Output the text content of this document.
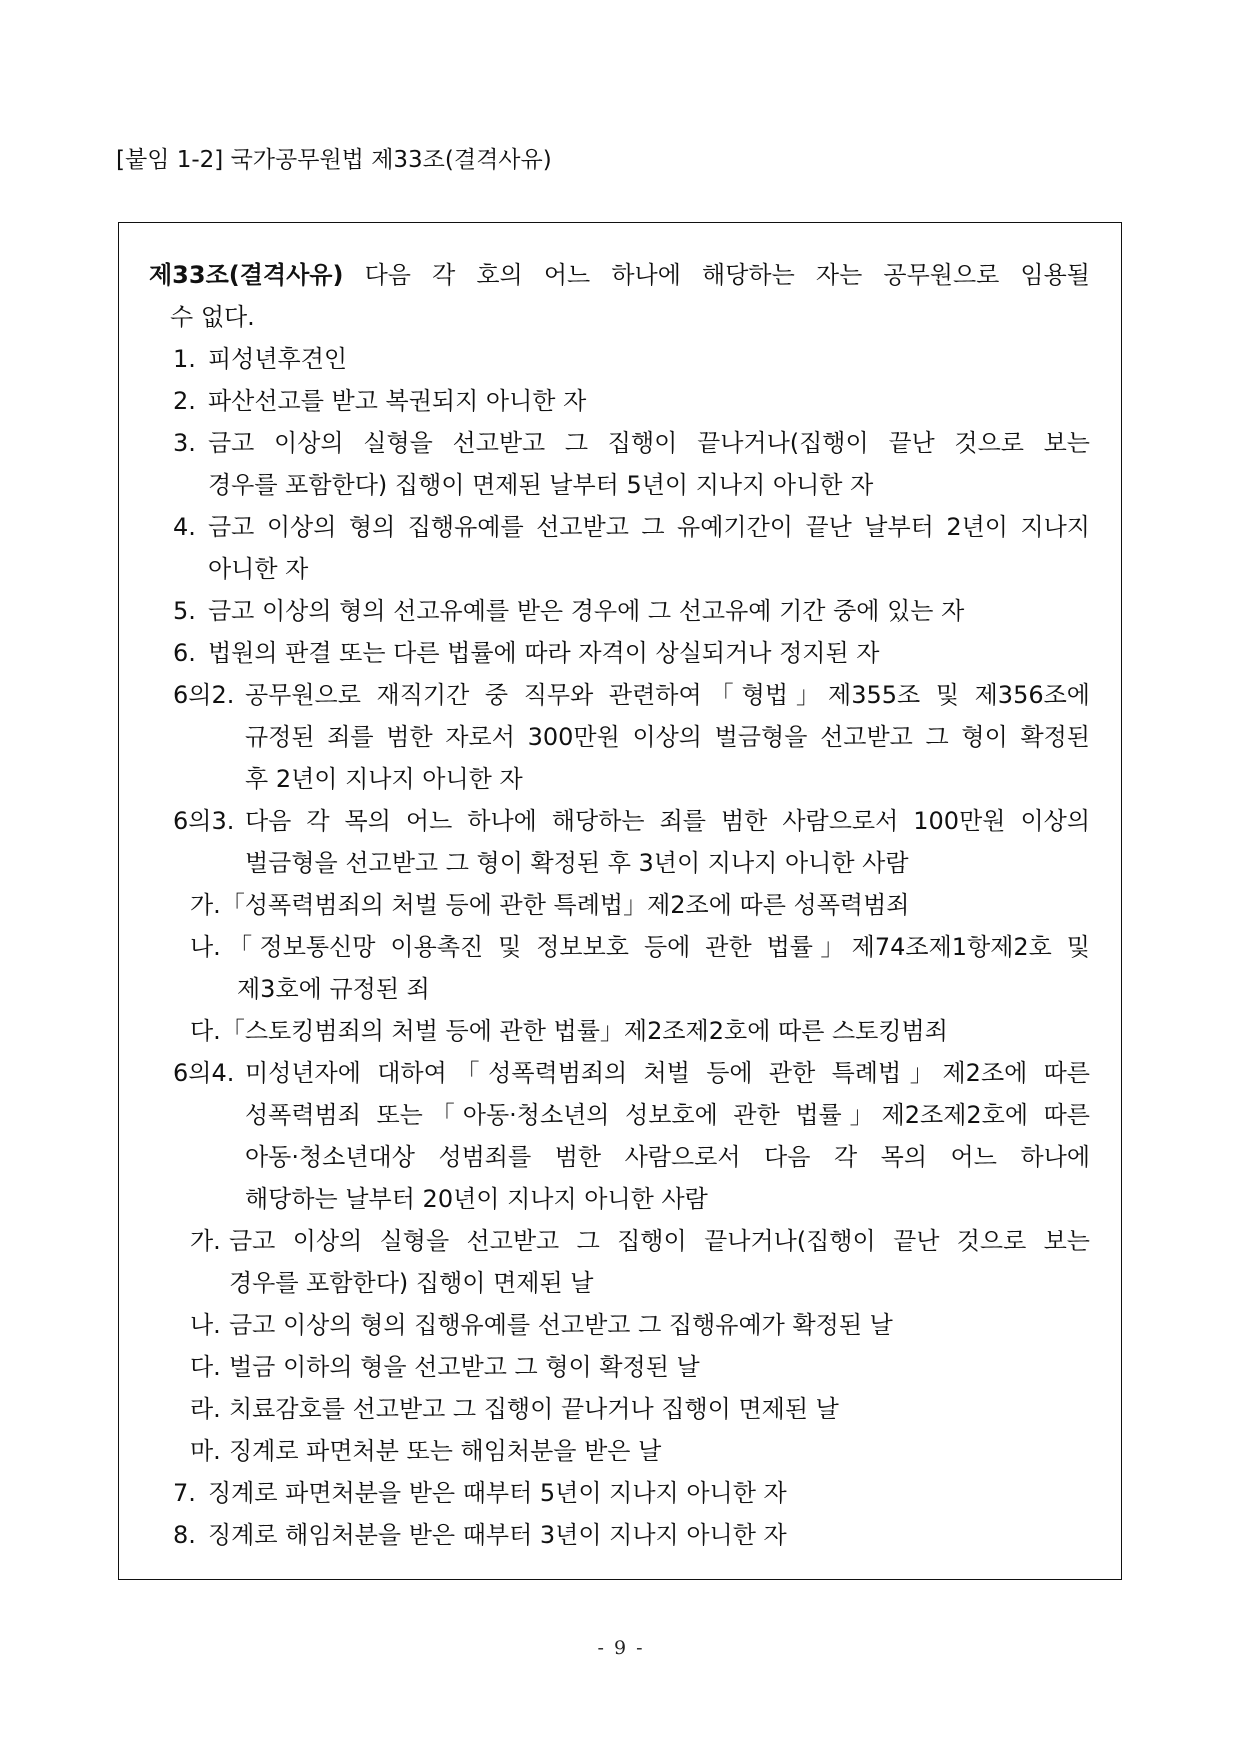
[붙임 1-2] 국가공무원법 제33조(결격사유)
제33조(결격사유) 다음 각 호의 어느 하나에 해당하는 자는 공무원으로 임용될
수 없다.
1. 피성년후견인
2. 파산선고를 받고 복권되지 아니한 자
3. 금고 이상의 실형을 선고받고 그 집행이 끝나거나(집행이 끝난 것으로 보는
경우를 포함한다) 집행이 면제된 날부터 5년이 지나지 아니한 자
4. 금고 이상의 형의 집행유예를 선고받고 그 유예기간이 끝난 날부터 2년이 지나지
아니한 자
5. 금고 이상의 형의 선고유예를 받은 경우에 그 선고유예 기간 중에 있는 자
6. 법원의 판결 또는 다른 법률에 따라 자격이 상실되거나 정지된 자
6의2. 공무원으로 재직기간 중 직무와 관련하여「형법」제355조 및 제356조에
규정된 죄를 범한 자로서 300만원 이상의 벌금형을 선고받고 그 형이 확정된
후 2년이 지나지 아니한 자
6의3. 다음 각 목의 어느 하나에 해당하는 죄를 범한 사람으로서 100만원 이상의
벌금형을 선고받고 그 형이 확정된 후 3년이 지나지 아니한 사람
가.「성폭력범죄의 처벌 등에 관한 특례법」제2조에 따른 성폭력범죄
나.「정보통신망 이용촉진 및 정보보호 등에 관한 법률」제74조제1항제2호 및
제3호에 규정된 죄
다.「스토킹범죄의 처벌 등에 관한 법률」제2조제2호에 따른 스토킹범죄
6의4. 미성년자에 대하여「성폭력범죄의 처벌 등에 관한 특례법」제2조에 따른
성폭력범죄 또는「아동·청소년의 성보호에 관한 법률」제2조제2호에 따른
아동·청소년대상 성범죄를 범한 사람으로서 다음 각 목의 어느 하나에
해당하는 날부터 20년이 지나지 아니한 사람
가. 금고 이상의 실형을 선고받고 그 집행이 끝나거나(집행이 끝난 것으로 보는
경우를 포함한다) 집행이 면제된 날
나. 금고 이상의 형의 집행유예를 선고받고 그 집행유예가 확정된 날
다. 벌금 이하의 형을 선고받고 그 형이 확정된 날
라. 치료감호를 선고받고 그 집행이 끝나거나 집행이 면제된 날
마. 징계로 파면처분 또는 해임처분을 받은 날
7. 징계로 파면처분을 받은 때부터 5년이 지나지 아니한 자
8. 징계로 해임처분을 받은 때부터 3년이 지나지 아니한 자
- 9 -
